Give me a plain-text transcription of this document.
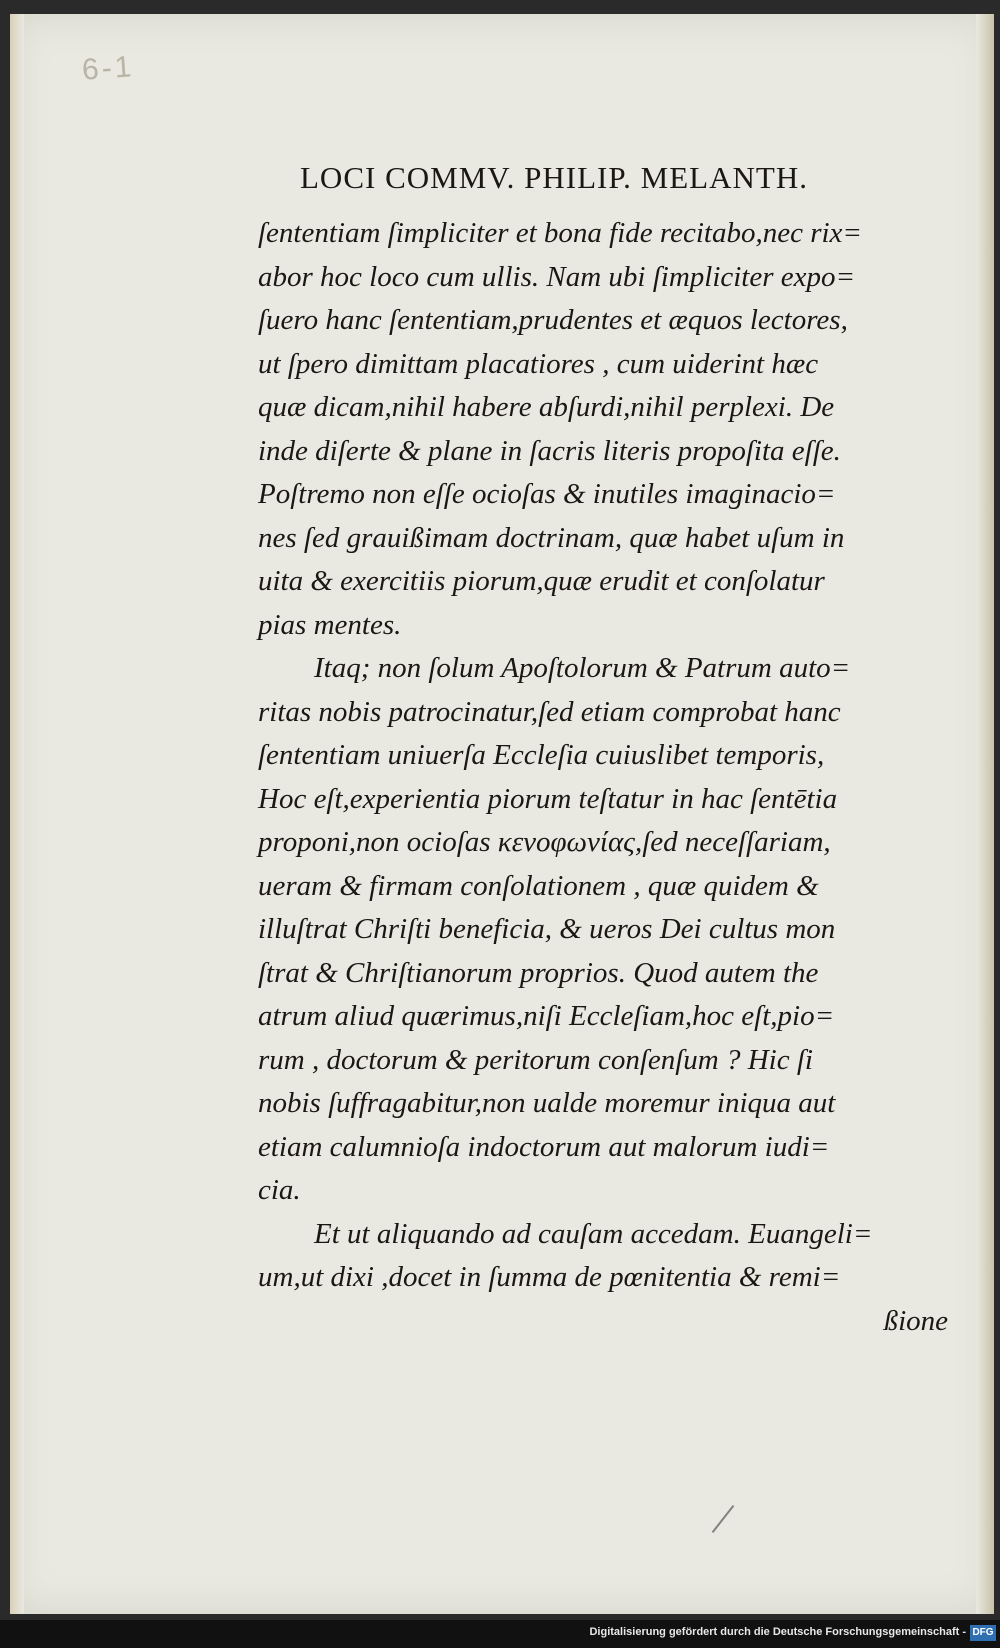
6-1
LOCI COMMV. PHILIP. MELANTH.
ſententiam ſimpliciter et bona fide recitabo,nec rix=
abor hoc loco cum ullis. Nam ubi ſimpliciter expo=
ſuero hanc ſententiam,prudentes et æquos lectores,
ut ſpero dimittam placatiores , cum uiderint hæc
quæ dicam,nihil habere abſurdi,nihil perplexi. De
inde diſerte & plane in ſacris literis propoſita eſſe.
Poſtremo non eſſe ocioſas & inutiles imaginacio=
nes ſed grauißimam doctrinam, quæ habet uſum in
uita & exercitiis piorum,quæ erudit et conſolatur
pias mentes.
Itaq; non ſolum Apoſtolorum & Patrum auto=
ritas nobis patrocinatur,ſed etiam comprobat hanc
ſententiam uniuerſa Eccleſia cuiuslibet temporis,
Hoc eſt,experientia piorum teſtatur in hac ſentētia
proponi,non ocioſas κενοφωνίας,ſed neceſſariam,
ueram & firmam conſolationem , quæ quidem &
illuſtrat Chriſti beneficia, & ueros Dei cultus mon
ſtrat & Chriſtianorum proprios. Quod autem the
atrum aliud quærimus,niſi Eccleſiam,hoc eſt,pio=
rum , doctorum & peritorum conſenſum ? Hic ſi
nobis ſuffragabitur,non ualde moremur iniqua aut
etiam calumnioſa indoctorum aut malorum iudi=
cia.
Et ut aliquando ad cauſam accedam. Euangeli=
um,ut dixi ,docet in ſumma de pœnitentia & remi=
ßione
Digitalisierung gefördert durch die Deutsche Forschungsgemeinschaft - DFG
